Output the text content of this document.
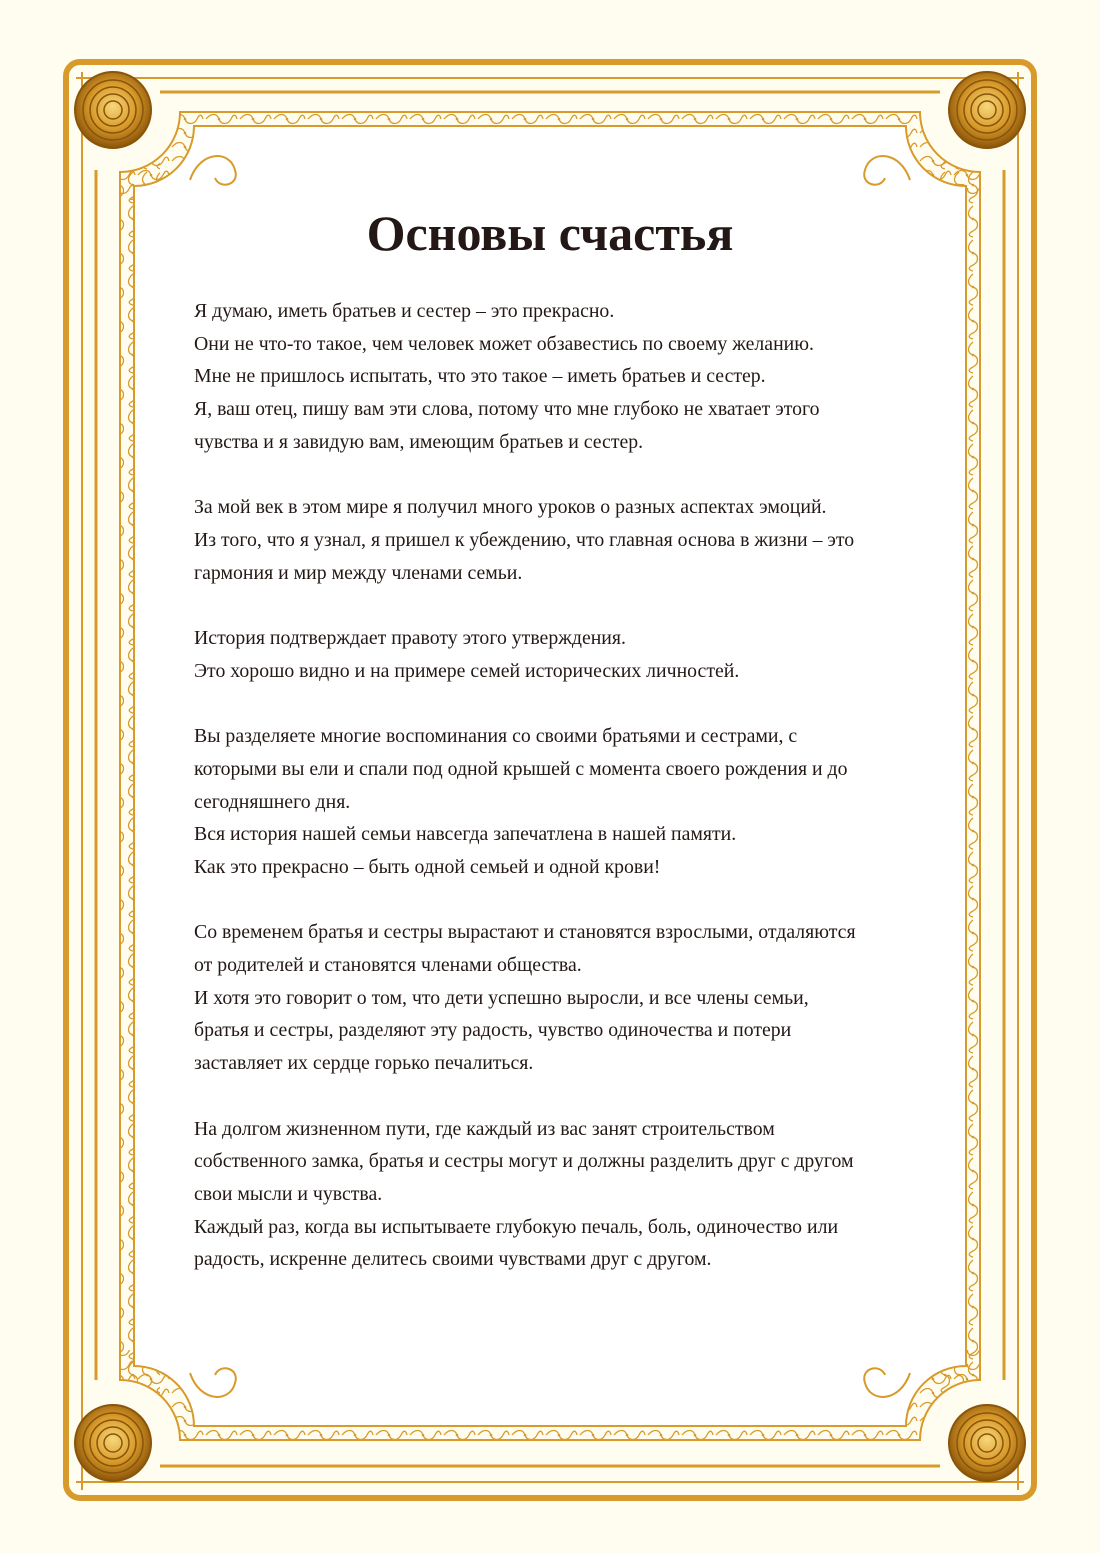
Основы счастья

Я думаю, иметь братьев и сестер – это прекрасно.
Они не что-то такое, чем человек может обзавестись по своему желанию.
Мне не пришлось испытать, что это такое – иметь братьев и сестер.
Я, ваш отец, пишу вам эти слова, потому что мне глубоко не хватает этого
чувства и я завидую вам, имеющим братьев и сестер.

За мой век в этом мире я получил много уроков о разных аспектах эмоций.
Из того, что я узнал, я пришел к убеждению, что главная основа в жизни – это
гармония и мир между членами семьи.

История подтверждает правоту этого утверждения.
Это хорошо видно и на примере семей исторических личностей.

Вы разделяете многие воспоминания со своими братьями и сестрами, с
которыми вы ели и спали под одной крышей с момента своего рождения и до
сегодняшнего дня.
Вся история нашей семьи навсегда запечатлена в нашей памяти.
Как это прекрасно – быть одной семьей и одной крови!

Со временем братья и сестры вырастают и становятся взрослыми, отдаляются
от родителей и становятся членами общества.
И хотя это говорит о том, что дети успешно выросли, и все члены семьи,
братья и сестры, разделяют эту радость, чувство одиночества и потери
заставляет их сердце горько печалиться.

На долгом жизненном пути, где каждый из вас занят строительством
собственного замка, братья и сестры могут и должны разделить друг с другом
свои мысли и чувства.
Каждый раз, когда вы испытываете глубокую печаль, боль, одиночество или
радость, искренне делитесь своими чувствами друг с другом.
